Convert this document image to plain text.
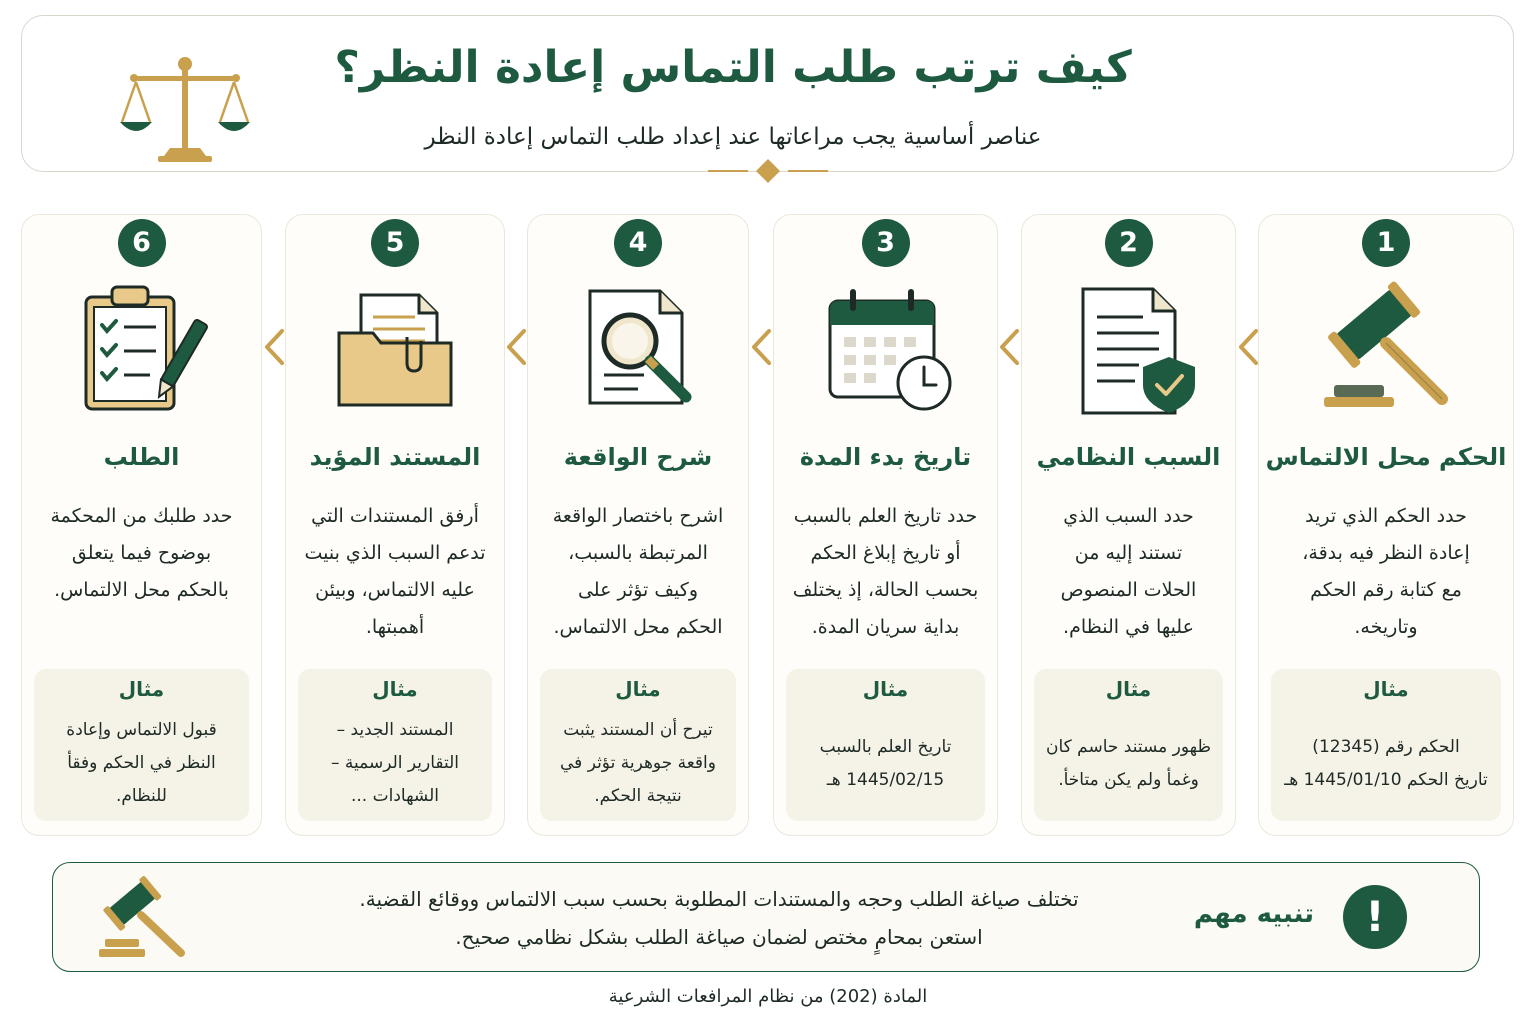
كيف ترتب طلب التماس إعادة النظر؟
عناصر أساسية يجب مراعاتها عند إعداد طلب التماس إعادة النظر
1
الحكم محل الالتماس
حدد الحكم الذي تريد
إعادة النظر فيه بدقة،
مع كتابة رقم الحكم
وتاريخه.
مثال
الحكم رقم (12345)
تاريخ الحكم 1445/01/10 هـ
2
السبب النظامي
حدد السبب الذي
تستند إليه من
الحلات المنصوص
عليها في النظام.
مثال
ظهور مستند حاسم كان
وغمأ ولم يكن متاخأ.
3
تاريخ بدء المدة
حدد تاريخ العلم بالسبب
أو تاريخ إبلاغ الحكم
بحسب الحالة، إذ يختلف
بداية سريان المدة.
مثال
تاريخ العلم بالسبب
1445/02/15 هـ
4
شرح الواقعة
اشرح باختصار الواقعة
المرتبطة بالسبب،
وكيف تؤثر على
الحكم محل الالتماس.
مثال
تيرح أن المستند يثبت
واقعة جوهرية تؤثر في
نتيجة الحكم.
5
المستند المؤيد
أرفق المستندات التي
تدعم السبب الذي بنيت
عليه الالتماس، وبيئن
أهمبتها.
مثال
المستند الجديد –
التقارير الرسمية –
الشهادات ...
6
الطلب
حدد طلبك من المحكمة
بوضوح فيما يتعلق
بالحكم محل الالتماس.
مثال
قبول الالتماس وإعادة
النظر في الحكم وفقأ
للنظام.
!
تنبيه مهم
تختلف صياغة الطلب وحجه والمستندات المطلوبة بحسب سبب الالتماس ووقائع القضية.
استعن بمحامٍ مختص لضمان صياغة الطلب بشكل نظامي صحيح.
المادة (202) من نظام المرافعات الشرعية
